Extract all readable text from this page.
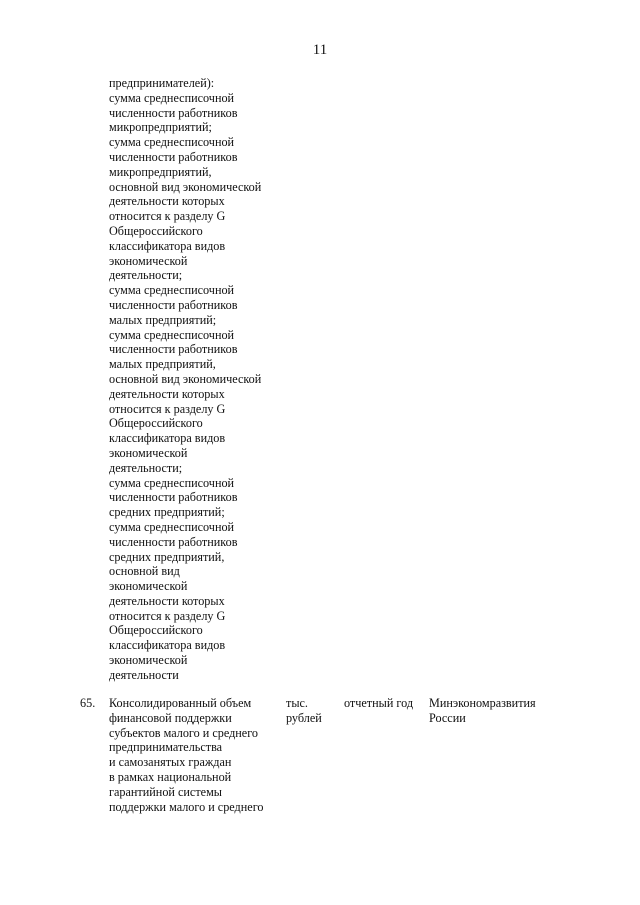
11
предпринимателей):
сумма среднесписочной
численности работников
микропредприятий;
сумма среднесписочной
численности работников
микропредприятий,
основной вид экономической
деятельности которых
относится к разделу G
Общероссийского
классификатора видов
экономической
деятельности;
сумма среднесписочной
численности работников
малых предприятий;
сумма среднесписочной
численности работников
малых предприятий,
основной вид экономической
деятельности которых
относится к разделу G
Общероссийского
классификатора видов
экономической
деятельности;
сумма среднесписочной
численности работников
средних предприятий;
сумма среднесписочной
численности работников
средних предприятий,
основной вид
экономической
деятельности которых
относится к разделу G
Общероссийского
классификатора видов
экономической
деятельности
65. Консолидированный объем
финансовой поддержки
субъектов малого и среднего
предпринимательства
и самозанятых граждан
в рамках национальной
гарантийной системы
поддержки малого и среднего
тыс.
рублей
отчетный год Минэкономразвития
России
